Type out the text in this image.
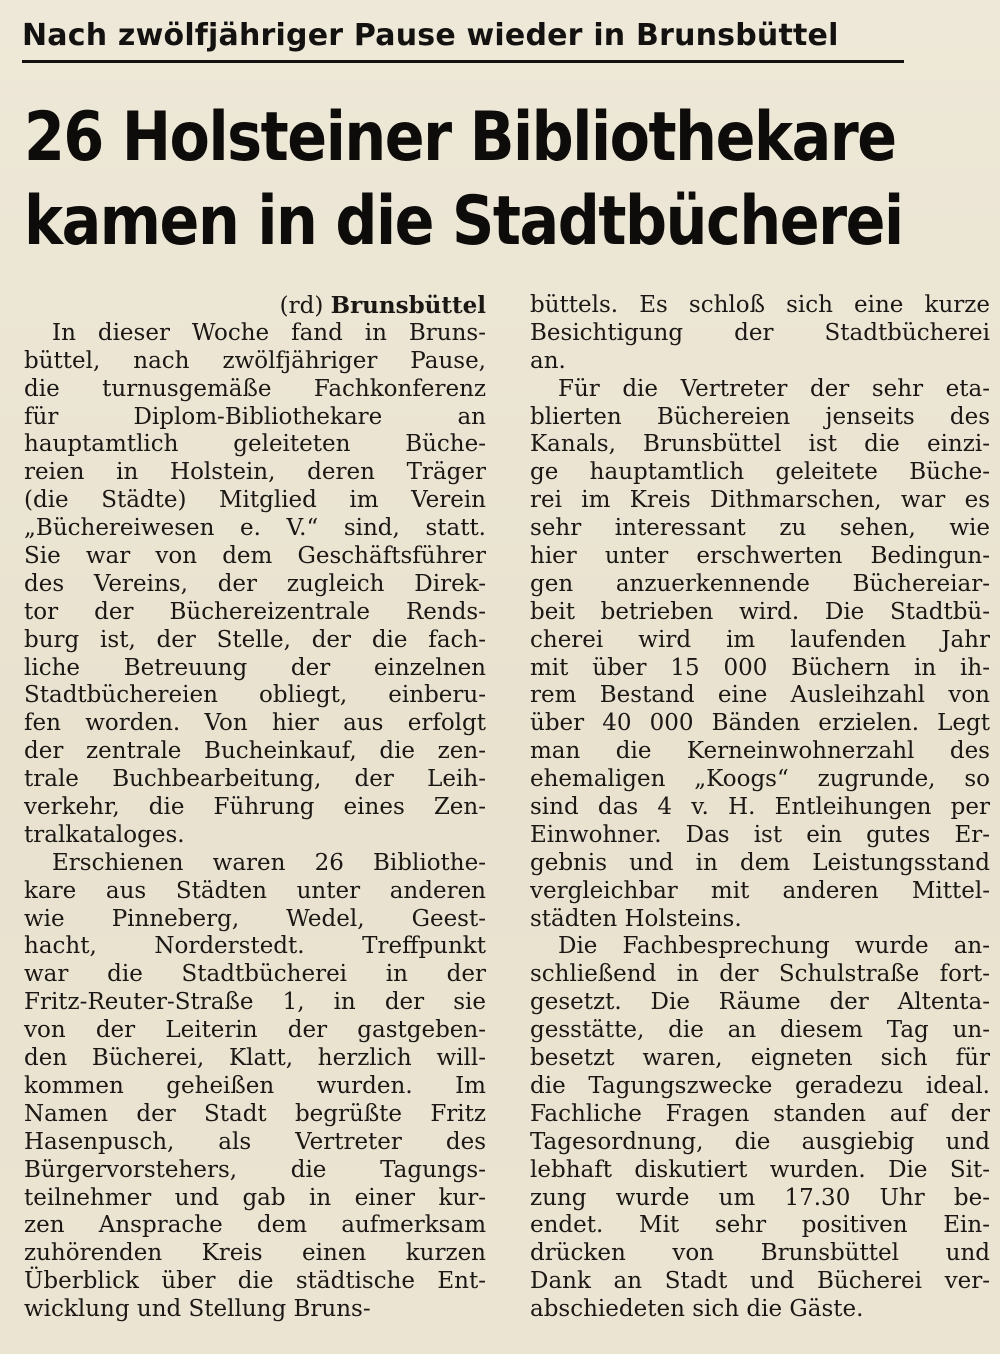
Nach zwölfjähriger Pause wieder in Brunsbüttel
26 Holsteiner Bibliothekare
kamen in die Stadtbücherei
(rd) Brunsbüttel
In dieser Woche fand in Bruns-
büttel, nach zwölfjähriger Pause,
die turnusgemäße Fachkonferenz
für Diplom-Bibliothekare an
hauptamtlich geleiteten Büche-
reien in Holstein, deren Träger
(die Städte) Mitglied im Verein
„Büchereiwesen e. V.“ sind, statt.
Sie war von dem Geschäftsführer
des Vereins, der zugleich Direk-
tor der Büchereizentrale Rends-
burg ist, der Stelle, der die fach-
liche Betreuung der einzelnen
Stadtbüchereien obliegt, einberu-
fen worden. Von hier aus erfolgt
der zentrale Bucheinkauf, die zen-
trale Buchbearbeitung, der Leih-
verkehr, die Führung eines Zen-
tralkataloges.
Erschienen waren 26 Bibliothe-
kare aus Städten unter anderen
wie Pinneberg, Wedel, Geest-
hacht, Norderstedt. Treffpunkt
war die Stadtbücherei in der
Fritz-Reuter-Straße 1, in der sie
von der Leiterin der gastgeben-
den Bücherei, Klatt, herzlich will-
kommen geheißen wurden. Im
Namen der Stadt begrüßte Fritz
Hasenpusch, als Vertreter des
Bürgervorstehers, die Tagungs-
teilnehmer und gab in einer kur-
zen Ansprache dem aufmerksam
zuhörenden Kreis einen kurzen
Überblick über die städtische Ent-
wicklung und Stellung Bruns-
büttels. Es schloß sich eine kurze
Besichtigung der Stadtbücherei
an.
Für die Vertreter der sehr eta-
blierten Büchereien jenseits des
Kanals, Brunsbüttel ist die einzi-
ge hauptamtlich geleitete Büche-
rei im Kreis Dithmarschen, war es
sehr interessant zu sehen, wie
hier unter erschwerten Bedingun-
gen anzuerkennende Büchereiar-
beit betrieben wird. Die Stadtbü-
cherei wird im laufenden Jahr
mit über 15 000 Büchern in ih-
rem Bestand eine Ausleihzahl von
über 40 000 Bänden erzielen. Legt
man die Kerneinwohnerzahl des
ehemaligen „Koogs“ zugrunde, so
sind das 4 v. H. Entleihungen per
Einwohner. Das ist ein gutes Er-
gebnis und in dem Leistungsstand
vergleichbar mit anderen Mittel-
städten Holsteins.
Die Fachbesprechung wurde an-
schließend in der Schulstraße fort-
gesetzt. Die Räume der Altenta-
gesstätte, die an diesem Tag un-
besetzt waren, eigneten sich für
die Tagungszwecke geradezu ideal.
Fachliche Fragen standen auf der
Tagesordnung, die ausgiebig und
lebhaft diskutiert wurden. Die Sit-
zung wurde um 17.30 Uhr be-
endet. Mit sehr positiven Ein-
drücken von Brunsbüttel und
Dank an Stadt und Bücherei ver-
abschiedeten sich die Gäste.
